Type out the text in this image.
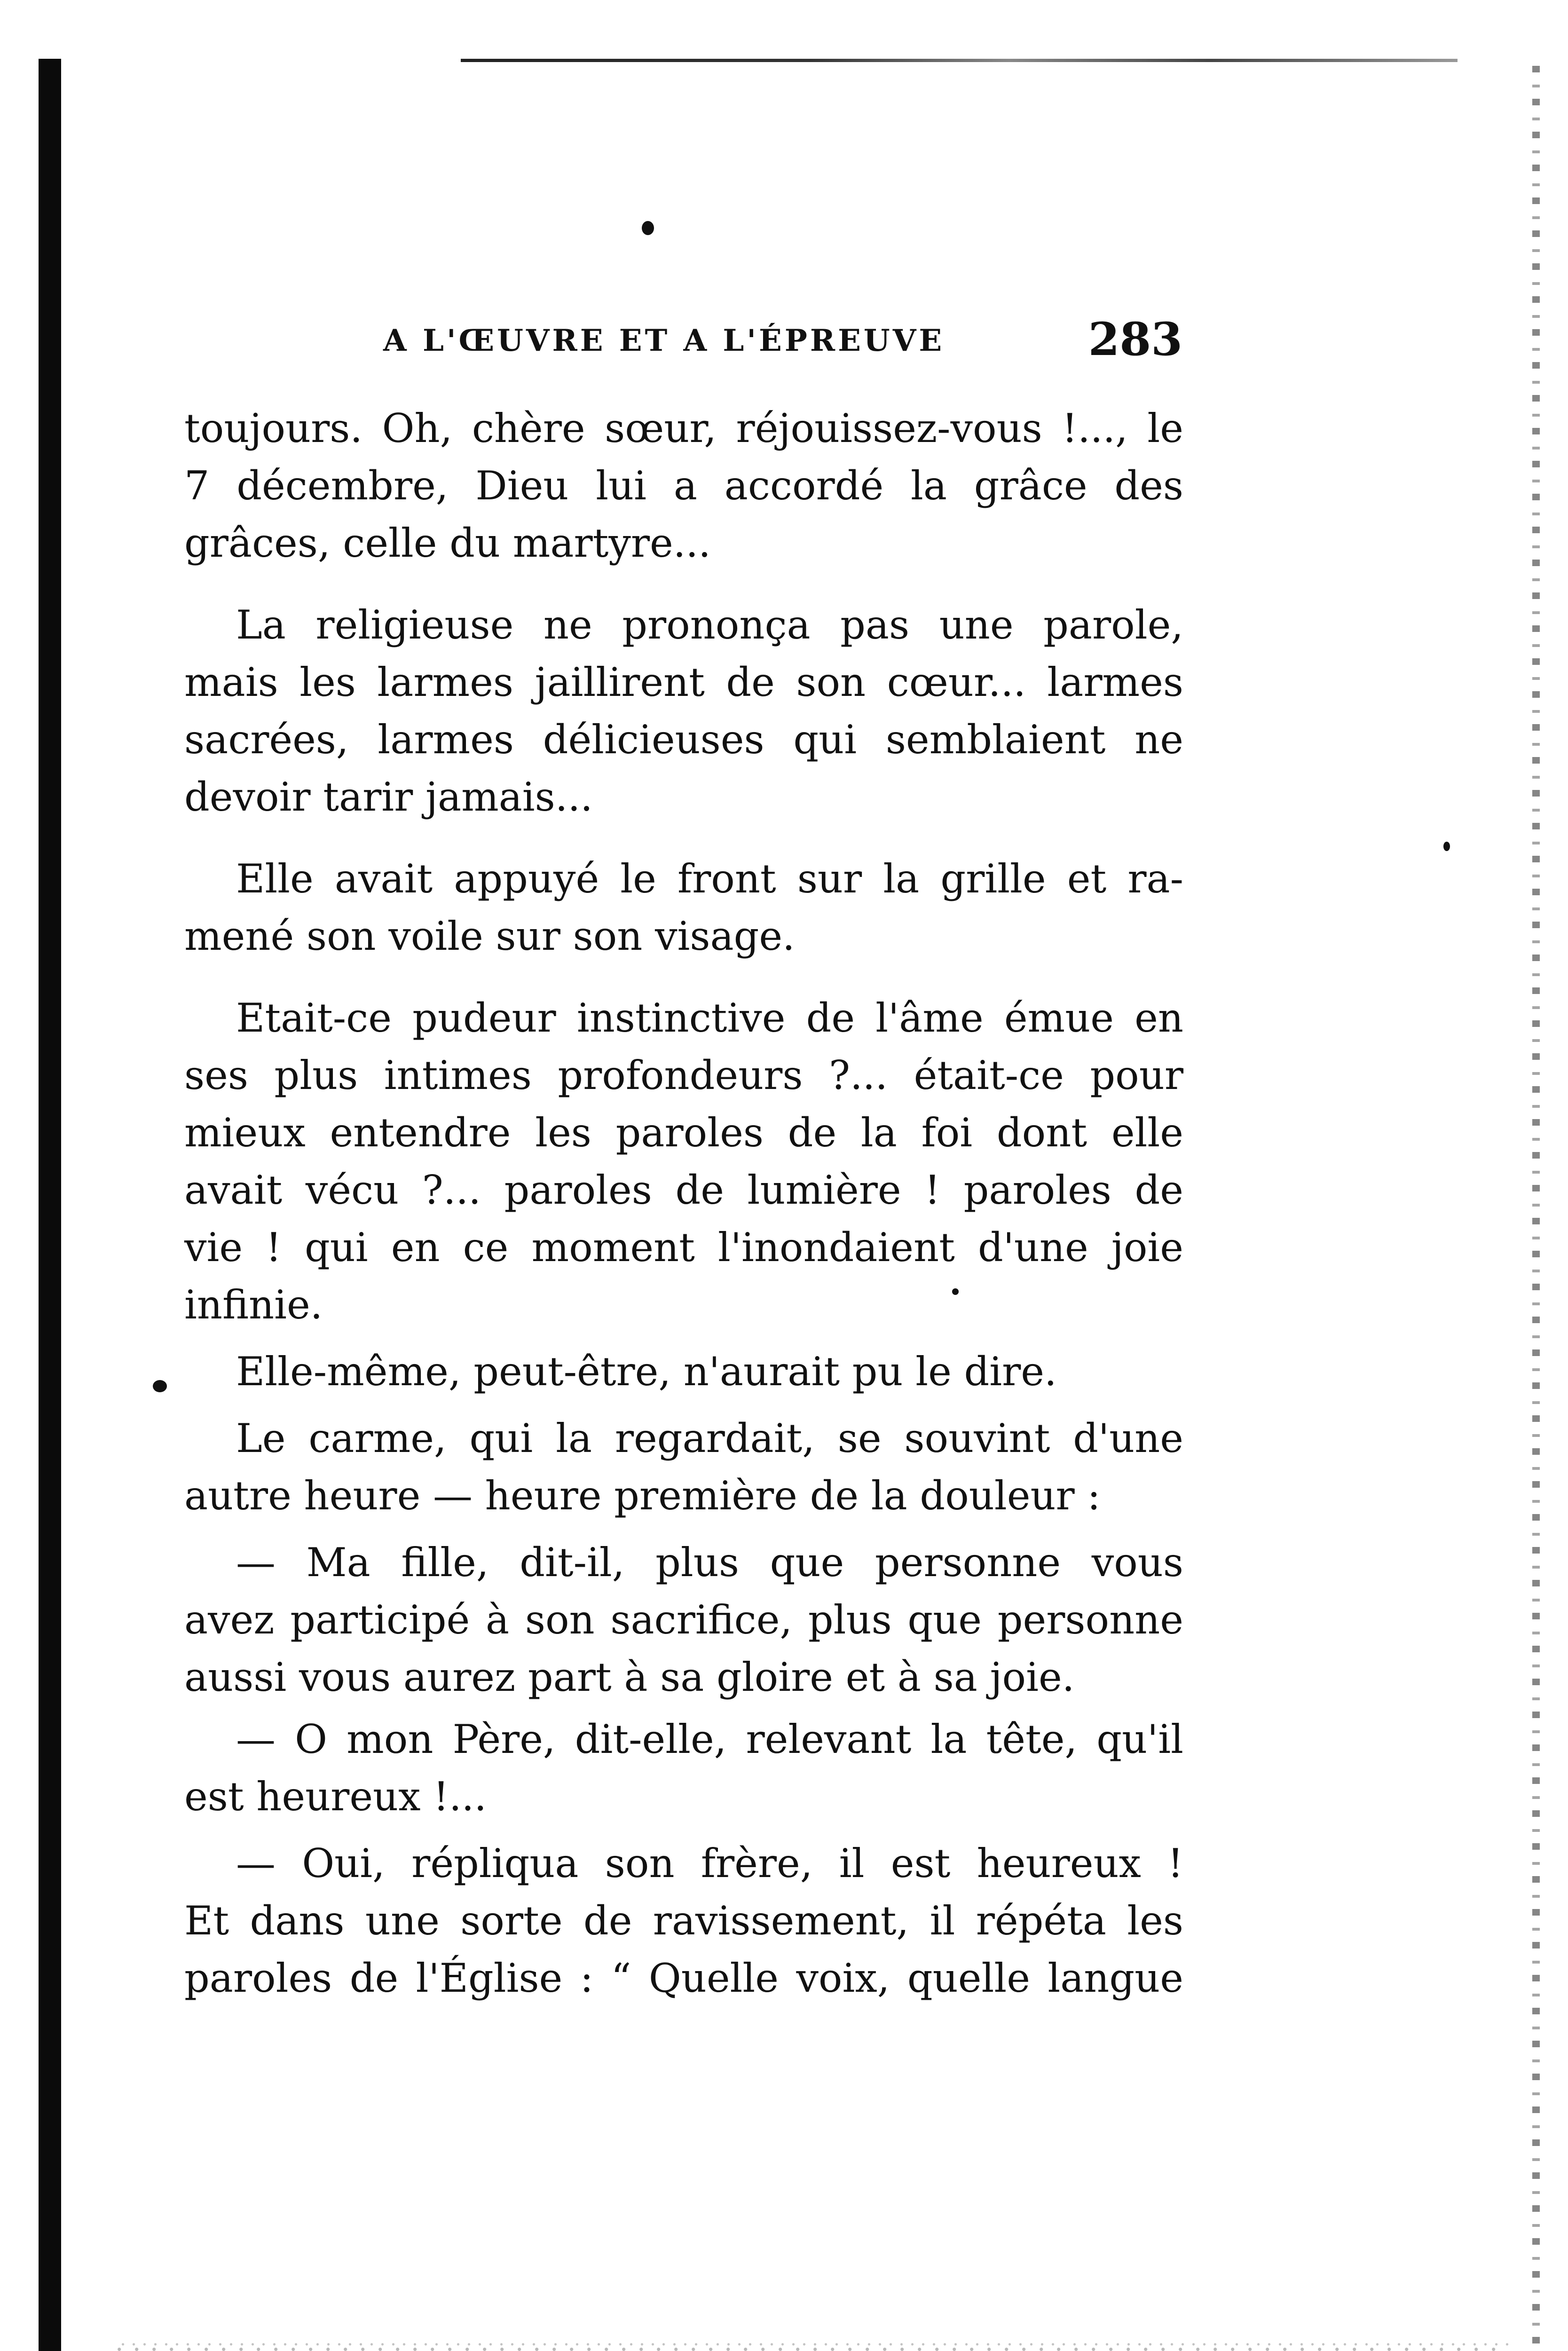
A L'ŒUVRE ET A L'ÉPREUVE	283
toujours. Oh, chère sœur, réjouissez-vous !..., le
7 décembre, Dieu lui a accordé la grâce des
grâces, celle du martyre...
La religieuse ne prononça pas une parole,
mais les larmes jaillirent de son cœur... larmes
sacrées, larmes délicieuses qui semblaient ne
devoir tarir jamais...
Elle avait appuyé le front sur la grille et ra-
mené son voile sur son visage.
Etait-ce pudeur instinctive de l'âme émue en
ses plus intimes profondeurs ?... était-ce pour
mieux entendre les paroles de la foi dont elle
avait vécu ?... paroles de lumière ! paroles de
vie ! qui en ce moment l'inondaient d'une joie
infinie.
Elle-même, peut-être, n'aurait pu le dire.
Le carme, qui la regardait, se souvint d'une
autre heure — heure première de la douleur :
— Ma fille, dit-il, plus que personne vous
avez participé à son sacrifice, plus que personne
aussi vous aurez part à sa gloire et à sa joie.
— O mon Père, dit-elle, relevant la tête, qu'il
est heureux !...
— Oui, répliqua son frère, il est heureux !
Et dans une sorte de ravissement, il répéta les
paroles de l'Église : “ Quelle voix, quelle langue
